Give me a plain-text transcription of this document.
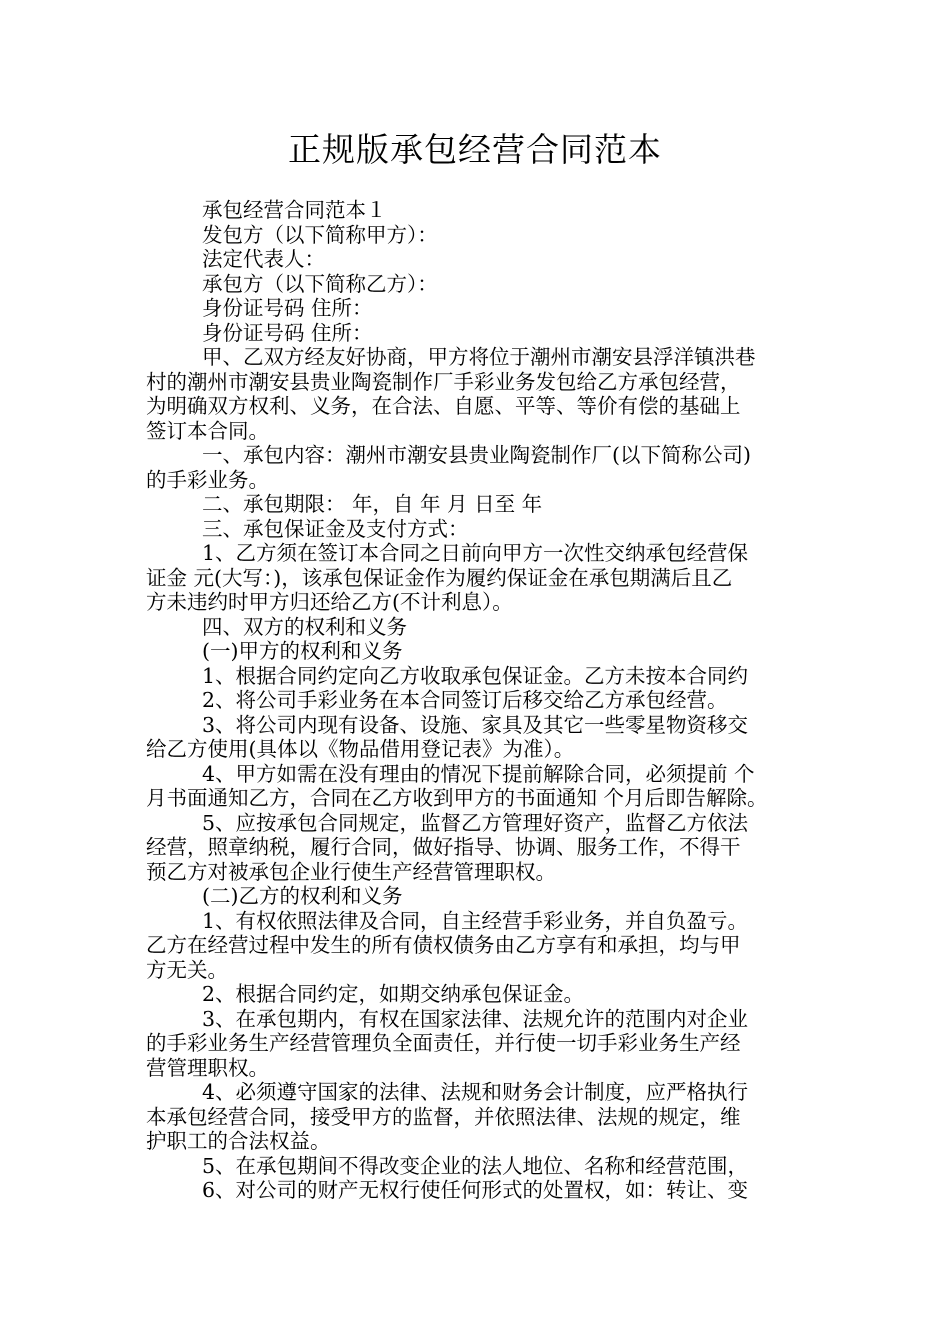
正规版承包经营合同范本

承包经营合同范本１

发包方（以下简称甲方）：

法定代表人：

承包方（以下简称乙方）：

身份证号码 住所：

身份证号码 住所：

甲、乙双方经友好协商，甲方将位于潮州市潮安县浮洋镇洪巷

村的潮州市潮安县贵业陶瓷制作厂手彩业务发包给乙方承包经营，

为明确双方权利、义务，在合法、自愿、平等、等价有偿的基础上

签订本合同。

一、承包内容：潮州市潮安县贵业陶瓷制作厂(以下简称公司)

的手彩业务。

二、承包期限： 年，自 年 月 日至 年

三、承包保证金及支付方式：

1、乙方须在签订本合同之日前向甲方一次性交纳承包经营保

证金 元(大写：)，该承包保证金作为履约保证金在承包期满后且乙

方未违约时甲方归还给乙方(不计利息）。

四、双方的权利和义务

(一)甲方的权利和义务

1、根据合同约定向乙方收取承包保证金。乙方未按本合同约

2、将公司手彩业务在本合同签订后移交给乙方承包经营。

3、将公司内现有设备、设施、家具及其它一些零星物资移交

给乙方使用(具体以《物品借用登记表》为准）。

4、甲方如需在没有理由的情况下提前解除合同，必须提前 个

月书面通知乙方，合同在乙方收到甲方的书面通知 个月后即告解除。

5、应按承包合同规定，监督乙方管理好资产，监督乙方依法

经营，照章纳税，履行合同，做好指导、协调、服务工作，不得干

预乙方对被承包企业行使生产经营管理职权。

(二)乙方的权利和义务

1、有权依照法律及合同，自主经营手彩业务，并自负盈亏。

乙方在经营过程中发生的所有债权债务由乙方享有和承担，均与甲

方无关。

2、根据合同约定，如期交纳承包保证金。

3、在承包期内，有权在国家法律、法规允许的范围内对企业

的手彩业务生产经营管理负全面责任，并行使一切手彩业务生产经

营管理职权。

4、必须遵守国家的法律、法规和财务会计制度，应严格执行

本承包经营合同，接受甲方的监督，并依照法律、法规的规定，维

护职工的合法权益。

5、在承包期间不得改变企业的法人地位、名称和经营范围，

6、对公司的财产无权行使任何形式的处置权，如：转让、变
